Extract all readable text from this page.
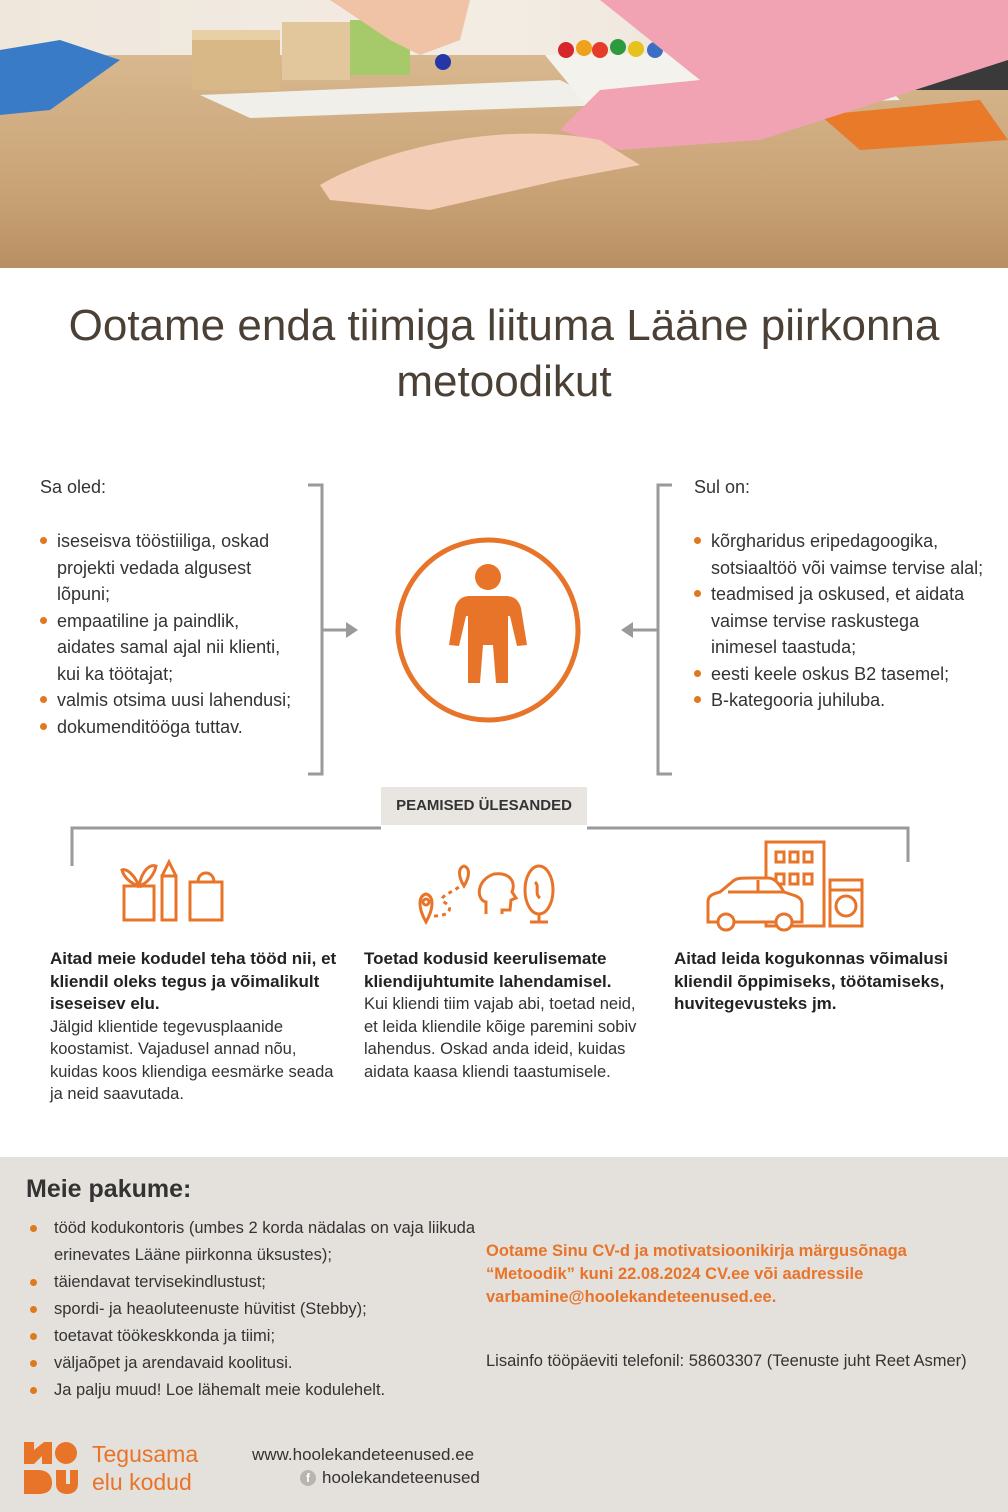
Ootame enda tiimiga liituma Lääne piirkonna metoodikut
Sa oled:
iseseisva tööstiiliga, oskad projekti vedada algusest lõpuni;
empaatiline ja paindlik, aidates samal ajal nii klienti, kui ka töötajat;
valmis otsima uusi lahendusi;
dokumenditööga tuttav.
Sul on:
kõrgharidus eripedagoogika, sotsiaaltöö või vaimse tervise alal;
teadmised ja oskused, et aidata vaimse tervise raskustega inimesel taastuda;
eesti keele oskus B2 tasemel;
B-kategooria juhiluba.
PEAMISED ÜLESANDED
Aitad meie kodudel teha tööd nii, et kliendil oleks tegus ja võimalikult iseseisev elu.
Jälgid klientide tegevusplaanide koostamist. Vajadusel annad nõu, kuidas koos kliendiga eesmärke seada ja neid saavutada.
Toetad kodusid keerulisemate kliendijuhtumite lahendamisel.
Kui kliendi tiim vajab abi, toetad neid, et leida kliendile kõige paremini sobiv lahendus. Oskad anda ideid, kuidas aidata kaasa kliendi taastumisele.
Aitad leida kogukonnas võimalusi kliendil õppimiseks, töötamiseks, huvitegevusteks jm.
Meie pakume:
tööd kodukontoris (umbes 2 korda nädalas on vaja liikuda erinevates Lääne piirkonna üksustes);
täiendavat tervisekindlustust;
spordi- ja heaoluteenuste hüvitist (Stebby);
toetavat töökeskkonda ja tiimi;
väljaõpet ja arendavaid koolitusi.
Ja palju muud! Loe lähemalt meie kodulehelt.
Ootame Sinu CV-d ja motivatsioonikirja märgusõnaga “Metoodik” kuni 22.08.2024 CV.ee või aadressile varbamine@hoolekandeteenused.ee.
Lisainfo tööpäeviti telefonil: 58603307 (Teenuste juht Reet Asmer)
Tegusama
elu kodud
www.hoolekandeteenused.ee
f hoolekandeteenused
